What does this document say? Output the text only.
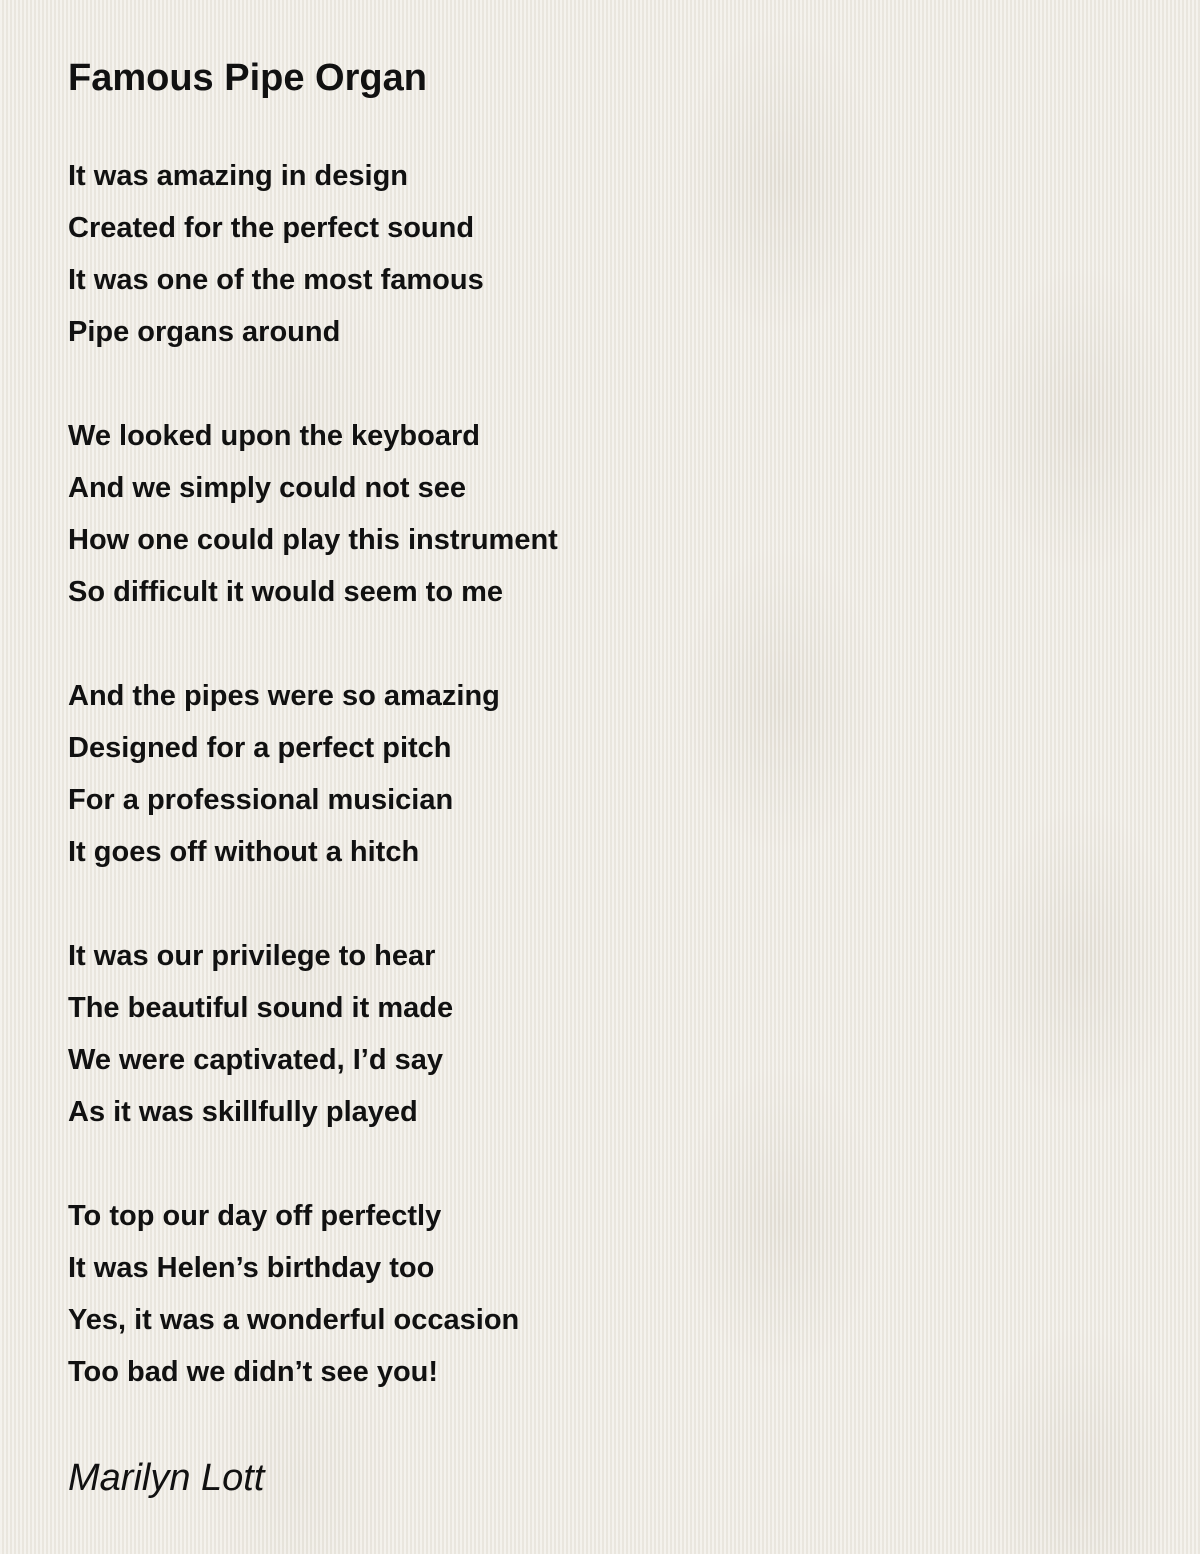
Famous Pipe Organ
It was amazing in design
Created for the perfect sound
It was one of the most famous
Pipe organs around
We looked upon the keyboard
And we simply could not see
How one could play this instrument
So difficult it would seem to me
And the pipes were so amazing
Designed for a perfect pitch
For a professional musician
It goes off without a hitch
It was our privilege to hear
The beautiful sound it made
We were captivated, I’d say
As it was skillfully played
To top our day off perfectly
It was Helen’s birthday too
Yes, it was a wonderful occasion
Too bad we didn’t see you!
Marilyn Lott
